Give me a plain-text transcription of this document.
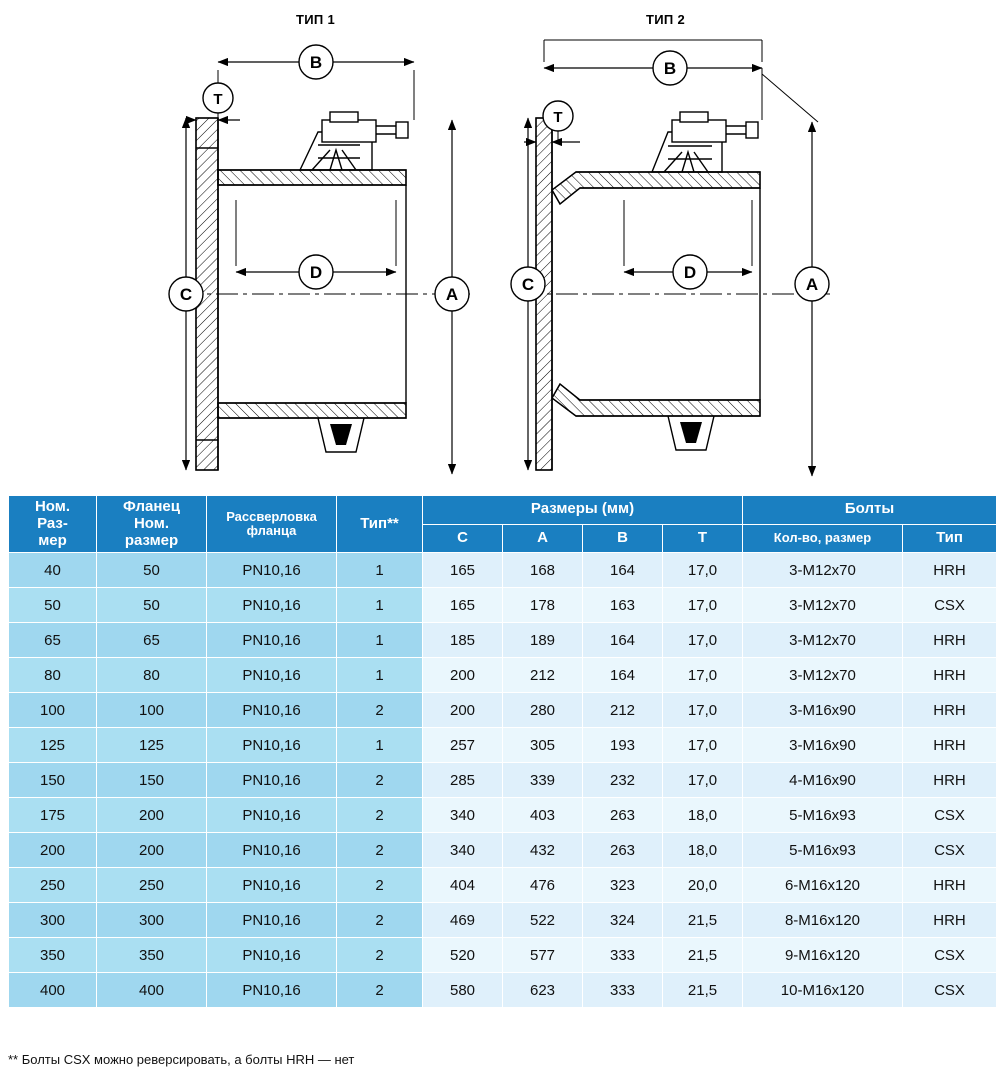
ТИП 1	ТИП 2
B
A
C
D
T
B
A
C
D
T
Ном.
Раз-
мер	Фланец
Ном.
размер	Рассверловка
фланца	Тип**	Размеры (мм)				Болты	
				C	A	B	T	Кол-во, размер	Тип
40	50	PN10,16	1	165	168	164	17,0	3-М12х70	HRH
50	50	PN10,16	1	165	178	163	17,0	3-М12х70	CSX
65	65	PN10,16	1	185	189	164	17,0	3-М12х70	HRH
80	80	PN10,16	1	200	212	164	17,0	3-М12х70	HRH
100	100	PN10,16	2	200	280	212	17,0	3-М16х90	HRH
125	125	PN10,16	1	257	305	193	17,0	3-М16х90	HRH
150	150	PN10,16	2	285	339	232	17,0	4-М16х90	HRH
175	200	PN10,16	2	340	403	263	18,0	5-М16х93	CSX
200	200	PN10,16	2	340	432	263	18,0	5-М16х93	CSX
250	250	PN10,16	2	404	476	323	20,0	6-М16х120	HRH
300	300	PN10,16	2	469	522	324	21,5	8-М16х120	HRH
350	350	PN10,16	2	520	577	333	21,5	9-М16х120	CSX
400	400	PN10,16	2	580	623	333	21,5	10-М16х120	CSX
** Болты CSX можно реверсировать, а болты HRH — нет
